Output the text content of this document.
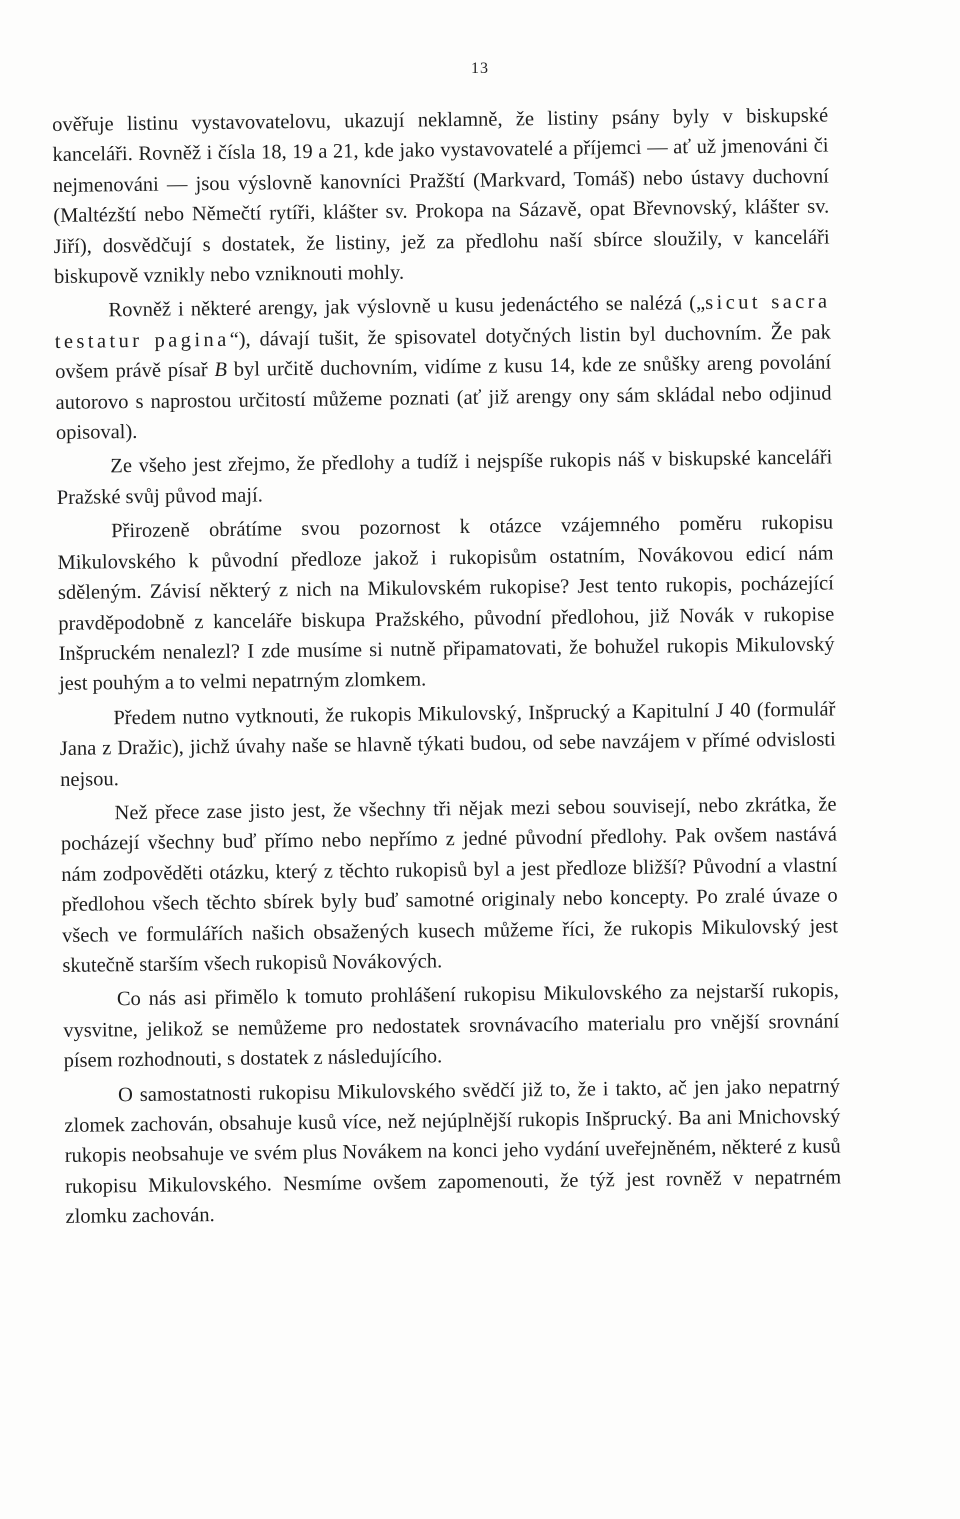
13

ověřuje listinu vystavovatelovu, ukazují neklamně, že listiny psány byly v biskupské kanceláři. Rovněž i čísla 18, 19 a 21, kde jako vystavovatelé a příjemci — ať už jmenováni či nejmenováni — jsou výslovně kanovníci Pražští (Markvard, Tomáš) nebo ústavy duchovní (Maltézští nebo Němečtí rytíři, klášter sv. Prokopa na Sázavě, opat Břevnovský, klášter sv. Jiří), dosvědčují s dostatek, že listiny, jež za předlohu naší sbírce sloužily, v kanceláři biskupově vznikly nebo vzniknouti mohly.

Rovněž i některé arengy, jak výslovně u kusu jedenáctého se nalézá („sicut sacra testatur pagina“), dávají tušit, že spisovatel dotyčných listin byl duchovním. Že pak ovšem právě písař B byl určitě duchovním, vidíme z kusu 14, kde ze snůšky areng povolání autorovo s naprostou určitostí můžeme poznati (ať již arengy ony sám skládal nebo odjinud opisoval).

Ze všeho jest zřejmo, že předlohy a tudíž i nejspíše rukopis náš v biskupské kanceláři Pražské svůj původ mají.

Přirozeně obrátíme svou pozornost k otázce vzájemného poměru rukopisu Mikulovského k původní předloze jakož i rukopisům ostatním, Novákovou edicí nám sděleným. Závisí některý z nich na Mikulovském rukopise? Jest tento rukopis, pocházející pravděpodobně z kanceláře biskupa Pražského, původní předlohou, již Novák v rukopise Inšpruckém nenalezl? I zde musíme si nutně připamatovati, že bohužel rukopis Mikulovský jest pouhým a to velmi nepatrným zlomkem.

Předem nutno vytknouti, že rukopis Mikulovský, Inšprucký a Kapitulní J 40 (formulář Jana z Dražic), jichž úvahy naše se hlavně týkati budou, od sebe navzájem v přímé odvislosti nejsou.

Než přece zase jisto jest, že všechny tři nějak mezi sebou souvisejí, nebo zkrátka, že pocházejí všechny buď přímo nebo nepřímo z jedné původní předlohy. Pak ovšem nastává nám zodpověděti otázku, který z těchto rukopisů byl a jest předloze bližší? Původní a vlastní předlohou všech těchto sbírek byly buď samotné originaly nebo koncepty. Po zralé úvaze o všech ve formulářích našich obsažených kusech můžeme říci, že rukopis Mikulovský jest skutečně starším všech rukopisů Novákových.

Co nás asi přimělo k tomuto prohlášení rukopisu Mikulovského za nejstarší rukopis, vysvitne, jelikož se nemůžeme pro nedostatek srovnávacího materialu pro vnější srovnání písem rozhodnouti, s dostatek z následujícího.

O samostatnosti rukopisu Mikulovského svědčí již to, že i takto, ač jen jako nepatrný zlomek zachován, obsahuje kusů více, než nejúplnější rukopis Inšprucký. Ba ani Mnichovský rukopis neobsahuje ve svém plus Novákem na konci jeho vydání uveřejněném, některé z kusů rukopisu Mikulovského. Nesmíme ovšem zapomenouti, že týž jest rovněž v nepatrném zlomku zachován.
